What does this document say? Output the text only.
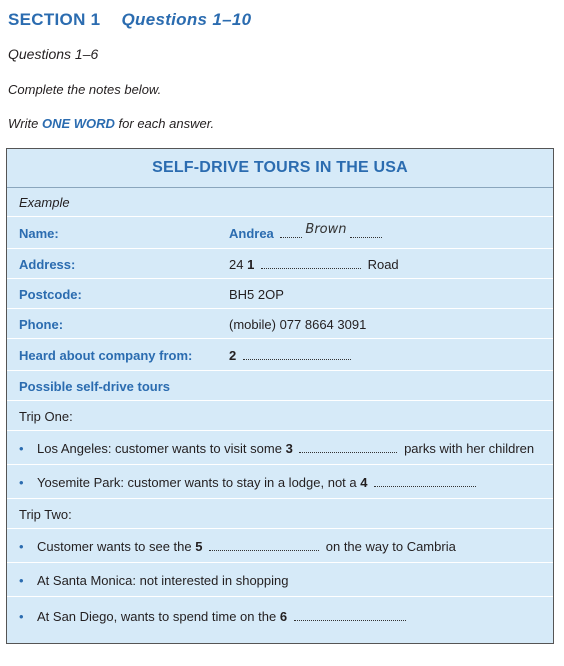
SECTION 1 Questions 1–10
Questions 1–6
Complete the notes below.
Write ONE WORD for each answer.
SELF-DRIVE TOURS IN THE USA
Example
Name:	Andrea Brown
Address:	24 1	Road
Postcode:	BH5 2OP
Phone:	(mobile) 077 8664 3091
Heard about company from:	2
Possible self-drive tours
Trip One:
• Los Angeles: customer wants to visit some 3	parks with her children
• Yosemite Park: customer wants to stay in a lodge, not a 4
Trip Two:
• Customer wants to see the 5	on the way to Cambria
• At Santa Monica: not interested in shopping
• At San Diego, wants to spend time on the 6
